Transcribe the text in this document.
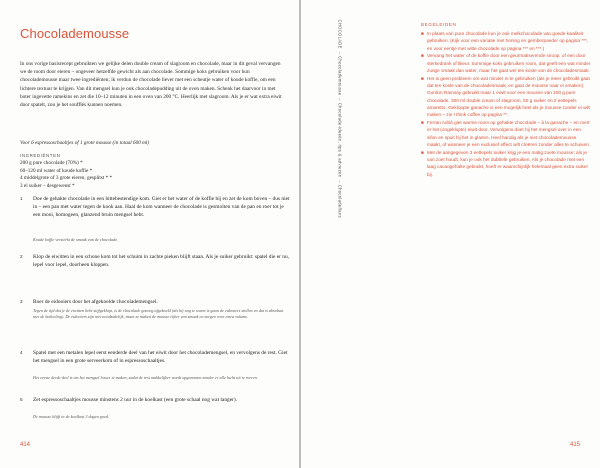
Chocolademousse
In ons vorige basisrecept gebruikten we gelijke delen double cream of slagroom en chocolade, maar in dit geval vervangen we de room door eieren – ongeveer hetzelfde gewicht als aan chocolade. Sommige koks gebruiken voor hun chocolademousse maar twee ingrediënten; ik verdun de chocolade liever met een scheutje water of koude koffie, om een lichtere textuur te krijgen. Van dit mengsel kun je ook chocoladepudding uit de oven maken. Schenk het daarvoor in met boter ingevette ramekins en zet die 10–12 minuten in een oven van 200 °C. Heerlijk met slagroom. Als je er wat extra eiwit door spatelt, zou je het soufflés kunnen noemen.
Voor 6 espressoschaaltjes of 1 grote mousse (in totaal 600 ml)
INGREDIËNTEN
200 g pure chocolade (70%) *
60–120 ml water of koude koffie *
4 middelgrote of 3 grote eieren, gesplitst * *
3 el suiker – desgewenst *
1 Doe de gehakte chocolade in een hittebestendige kom. Giet er het water of de koffie bij en zet de kom boven – dus niet in – een pan met water tegen de kook aan. Haal de kom wanneer de chocolade is gesmolten van de pan en roer tot je een mooi, homogeen, glanzend bruin mengsel hebt.
Koude koffie versterkt de smaak van de chocolade.
2 Klop de eiwitten in een schone kom tot het schuim in zachte pieken blijft staan. Als je suiker gebruikt: spatel die er nu, lepel voor lepel, doorheen kloppen.
3 Roer de eidooiers door het afgekoelde chocolademengsel.
Tegen de tijd dat je de eiwitten hebt stijfgeklopt, is de chocolade genoeg afgekoeld (als hij nog te warm is gaan de eidooiers stollen en dat is absoluut niet de bedoeling). De eidooiers zijn niet noodzakelijk, maar ze maken de mousse rijker van smaak en zorgen voor extra volume.
4 Spatel met een metalen lepel eerst eenderde deel van het eiwit door het chocolademengsel, en vervolgens de rest. Giet het mengsel in een grote serveerkom of in espressoschaaltjes.
Het eerste derde deel is om het mengsel losser te maken, zodat de rest makkelijker wordt opgenomen zonder er alle lucht uit te roeren.
5 Zet espressoschaaltjes mousse minstens 2 uur in de koelkast (een grote schaal nog wat langer).
De mousse blijft in de koelkast 3 dagen goed.
414
CHOCOLADE → Chocolademousse → Chocolade-ideeën, tips & adviezen → Chocoladeflans	BEGELEIDEN
■ In plaats van pure chocolade kun je ook melkchocolade van goede kwaliteit gebruiken. (Kijk voor een variatie met honing en gemberpoeder op pagina ***, en voor eentje met witte chocolade op pagina *** en ***.)
■ Vervang het water of de koffie door een geurmatiserende siroop, of een door sterkedrank of likeur. Sommige koks gebruiken room, dat geeft een wat minder zurige smaak dan water, maar het gaat wel ten koste van de chocoladesmaak.
■ Het is geen probleem om wat minder ei te gebruiken (als je meer gebruikt gaat dat ten koste van de chocoladesmaak, en gaat de mousse naar ei smaken). Gordon Ramsay gebruikt maar 1 eiwit voor een mousse van 100 g pure chocolade, 300 ml double cream of slagroom, 50 g suiker en 2 eetlepels amaretto. Gekloppte ganache is een mogelijk heel als je mousse zonder ei wilt maken – zie I think coffee op pagina **.
■ Ferran Adrià giet warme room op gehakte chocolade – à la ganache – en roert er het (ongeklopte) eiwit door. Vervolgens doet hij het mengsel over in een sifon en spuit hij het in glazen. Heel handig als je niet chocolademousse maakt, of wanneer je een exclusief effect wilt creëren zonder alles te schuiven.
■ Met de aangegeven 3 eetlepels suiker krijg je een matig zoete mousse; als je van zoet houdt, kun je ook het dubbele gebruiken. Als je chocolade met een laag cacaogehalte gebruikt, hoeft er waarschijnlijk helemaal geen extra suiker bij.
415
